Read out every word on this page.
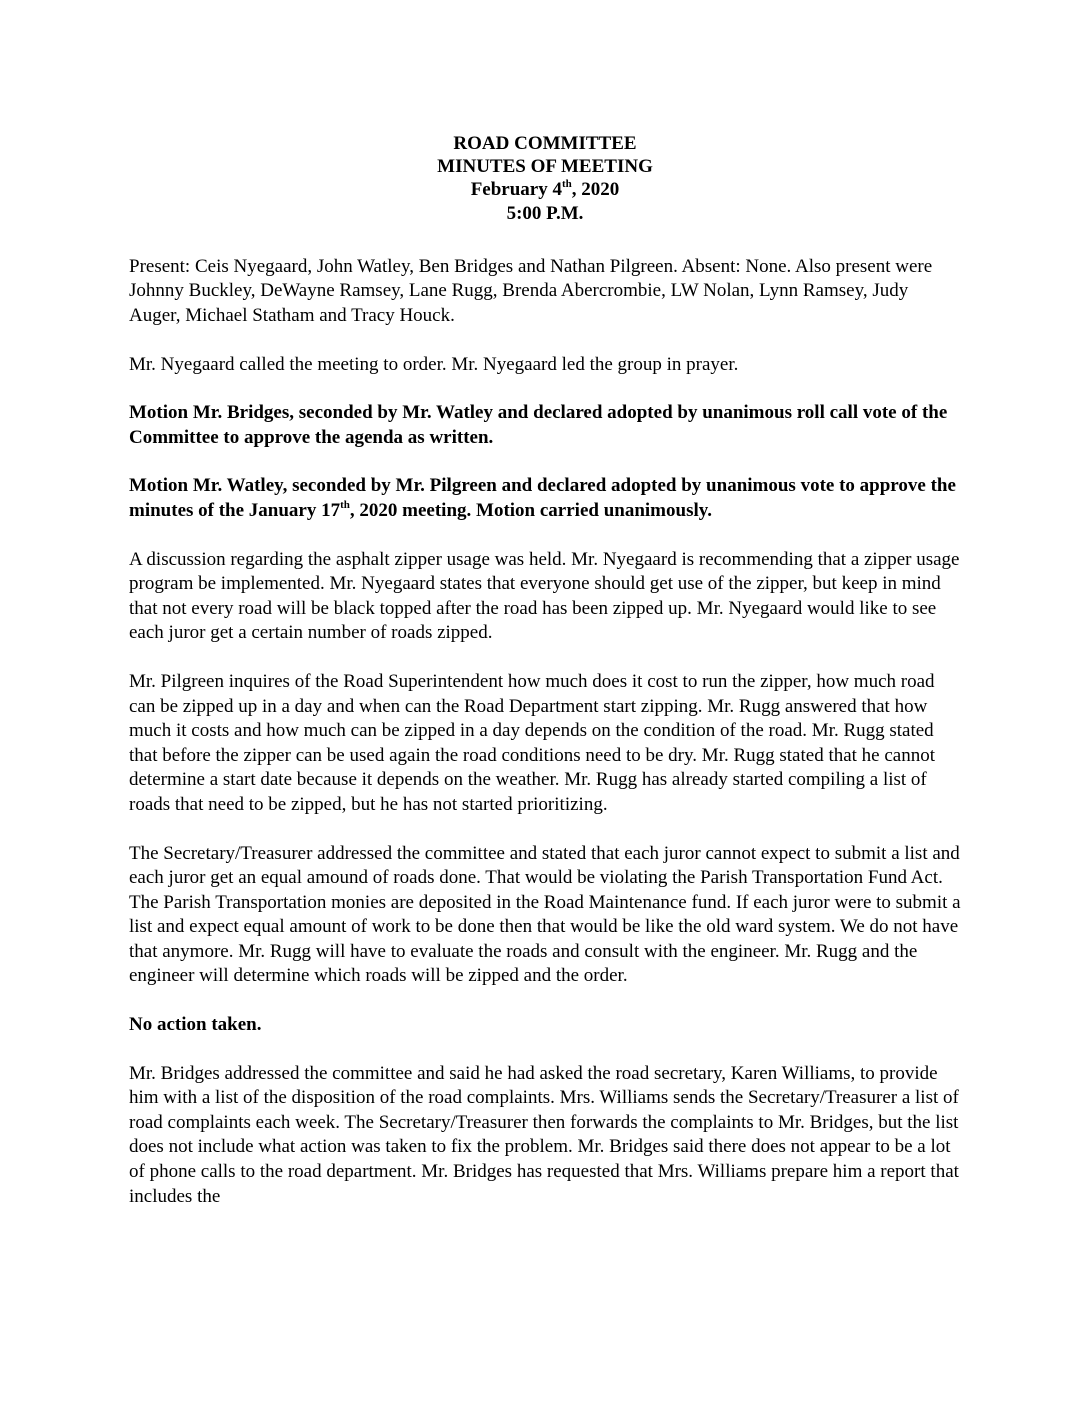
ROAD COMMITTEE
MINUTES OF MEETING
February 4th, 2020
5:00 P.M.

Present: Ceis Nyegaard, John Watley, Ben Bridges and Nathan Pilgreen. Absent: None. Also present were Johnny Buckley, DeWayne Ramsey, Lane Rugg, Brenda Abercrombie, LW Nolan, Lynn Ramsey, Judy Auger, Michael Statham and Tracy Houck.

Mr. Nyegaard called the meeting to order. Mr. Nyegaard led the group in prayer.

Motion Mr. Bridges, seconded by Mr. Watley and declared adopted by unanimous roll call vote of the Committee to approve the agenda as written.

Motion Mr. Watley, seconded by Mr. Pilgreen and declared adopted by unanimous vote to approve the minutes of the January 17th, 2020 meeting. Motion carried unanimously.

A discussion regarding the asphalt zipper usage was held. Mr. Nyegaard is recommending that a zipper usage program be implemented. Mr. Nyegaard states that everyone should get use of the zipper, but keep in mind that not every road will be black topped after the road has been zipped up. Mr. Nyegaard would like to see each juror get a certain number of roads zipped.

Mr. Pilgreen inquires of the Road Superintendent how much does it cost to run the zipper, how much road can be zipped up in a day and when can the Road Department start zipping. Mr. Rugg answered that how much it costs and how much can be zipped in a day depends on the condition of the road. Mr. Rugg stated that before the zipper can be used again the road conditions need to be dry. Mr. Rugg stated that he cannot determine a start date because it depends on the weather. Mr. Rugg has already started compiling a list of roads that need to be zipped, but he has not started prioritizing.

The Secretary/Treasurer addressed the committee and stated that each juror cannot expect to submit a list and each juror get an equal amound of roads done. That would be violating the Parish Transportation Fund Act. The Parish Transportation monies are deposited in the Road Maintenance fund. If each juror were to submit a list and expect equal amount of work to be done then that would be like the old ward system. We do not have that anymore. Mr. Rugg will have to evaluate the roads and consult with the engineer. Mr. Rugg and the engineer will determine which roads will be zipped and the order.

No action taken.

Mr. Bridges addressed the committee and said he had asked the road secretary, Karen Williams, to provide him with a list of the disposition of the road complaints. Mrs. Williams sends the Secretary/Treasurer a list of road complaints each week. The Secretary/Treasurer then forwards the complaints to Mr. Bridges, but the list does not include what action was taken to fix the problem. Mr. Bridges said there does not appear to be a lot of phone calls to the road department. Mr. Bridges has requested that Mrs. Williams prepare him a report that includes the
